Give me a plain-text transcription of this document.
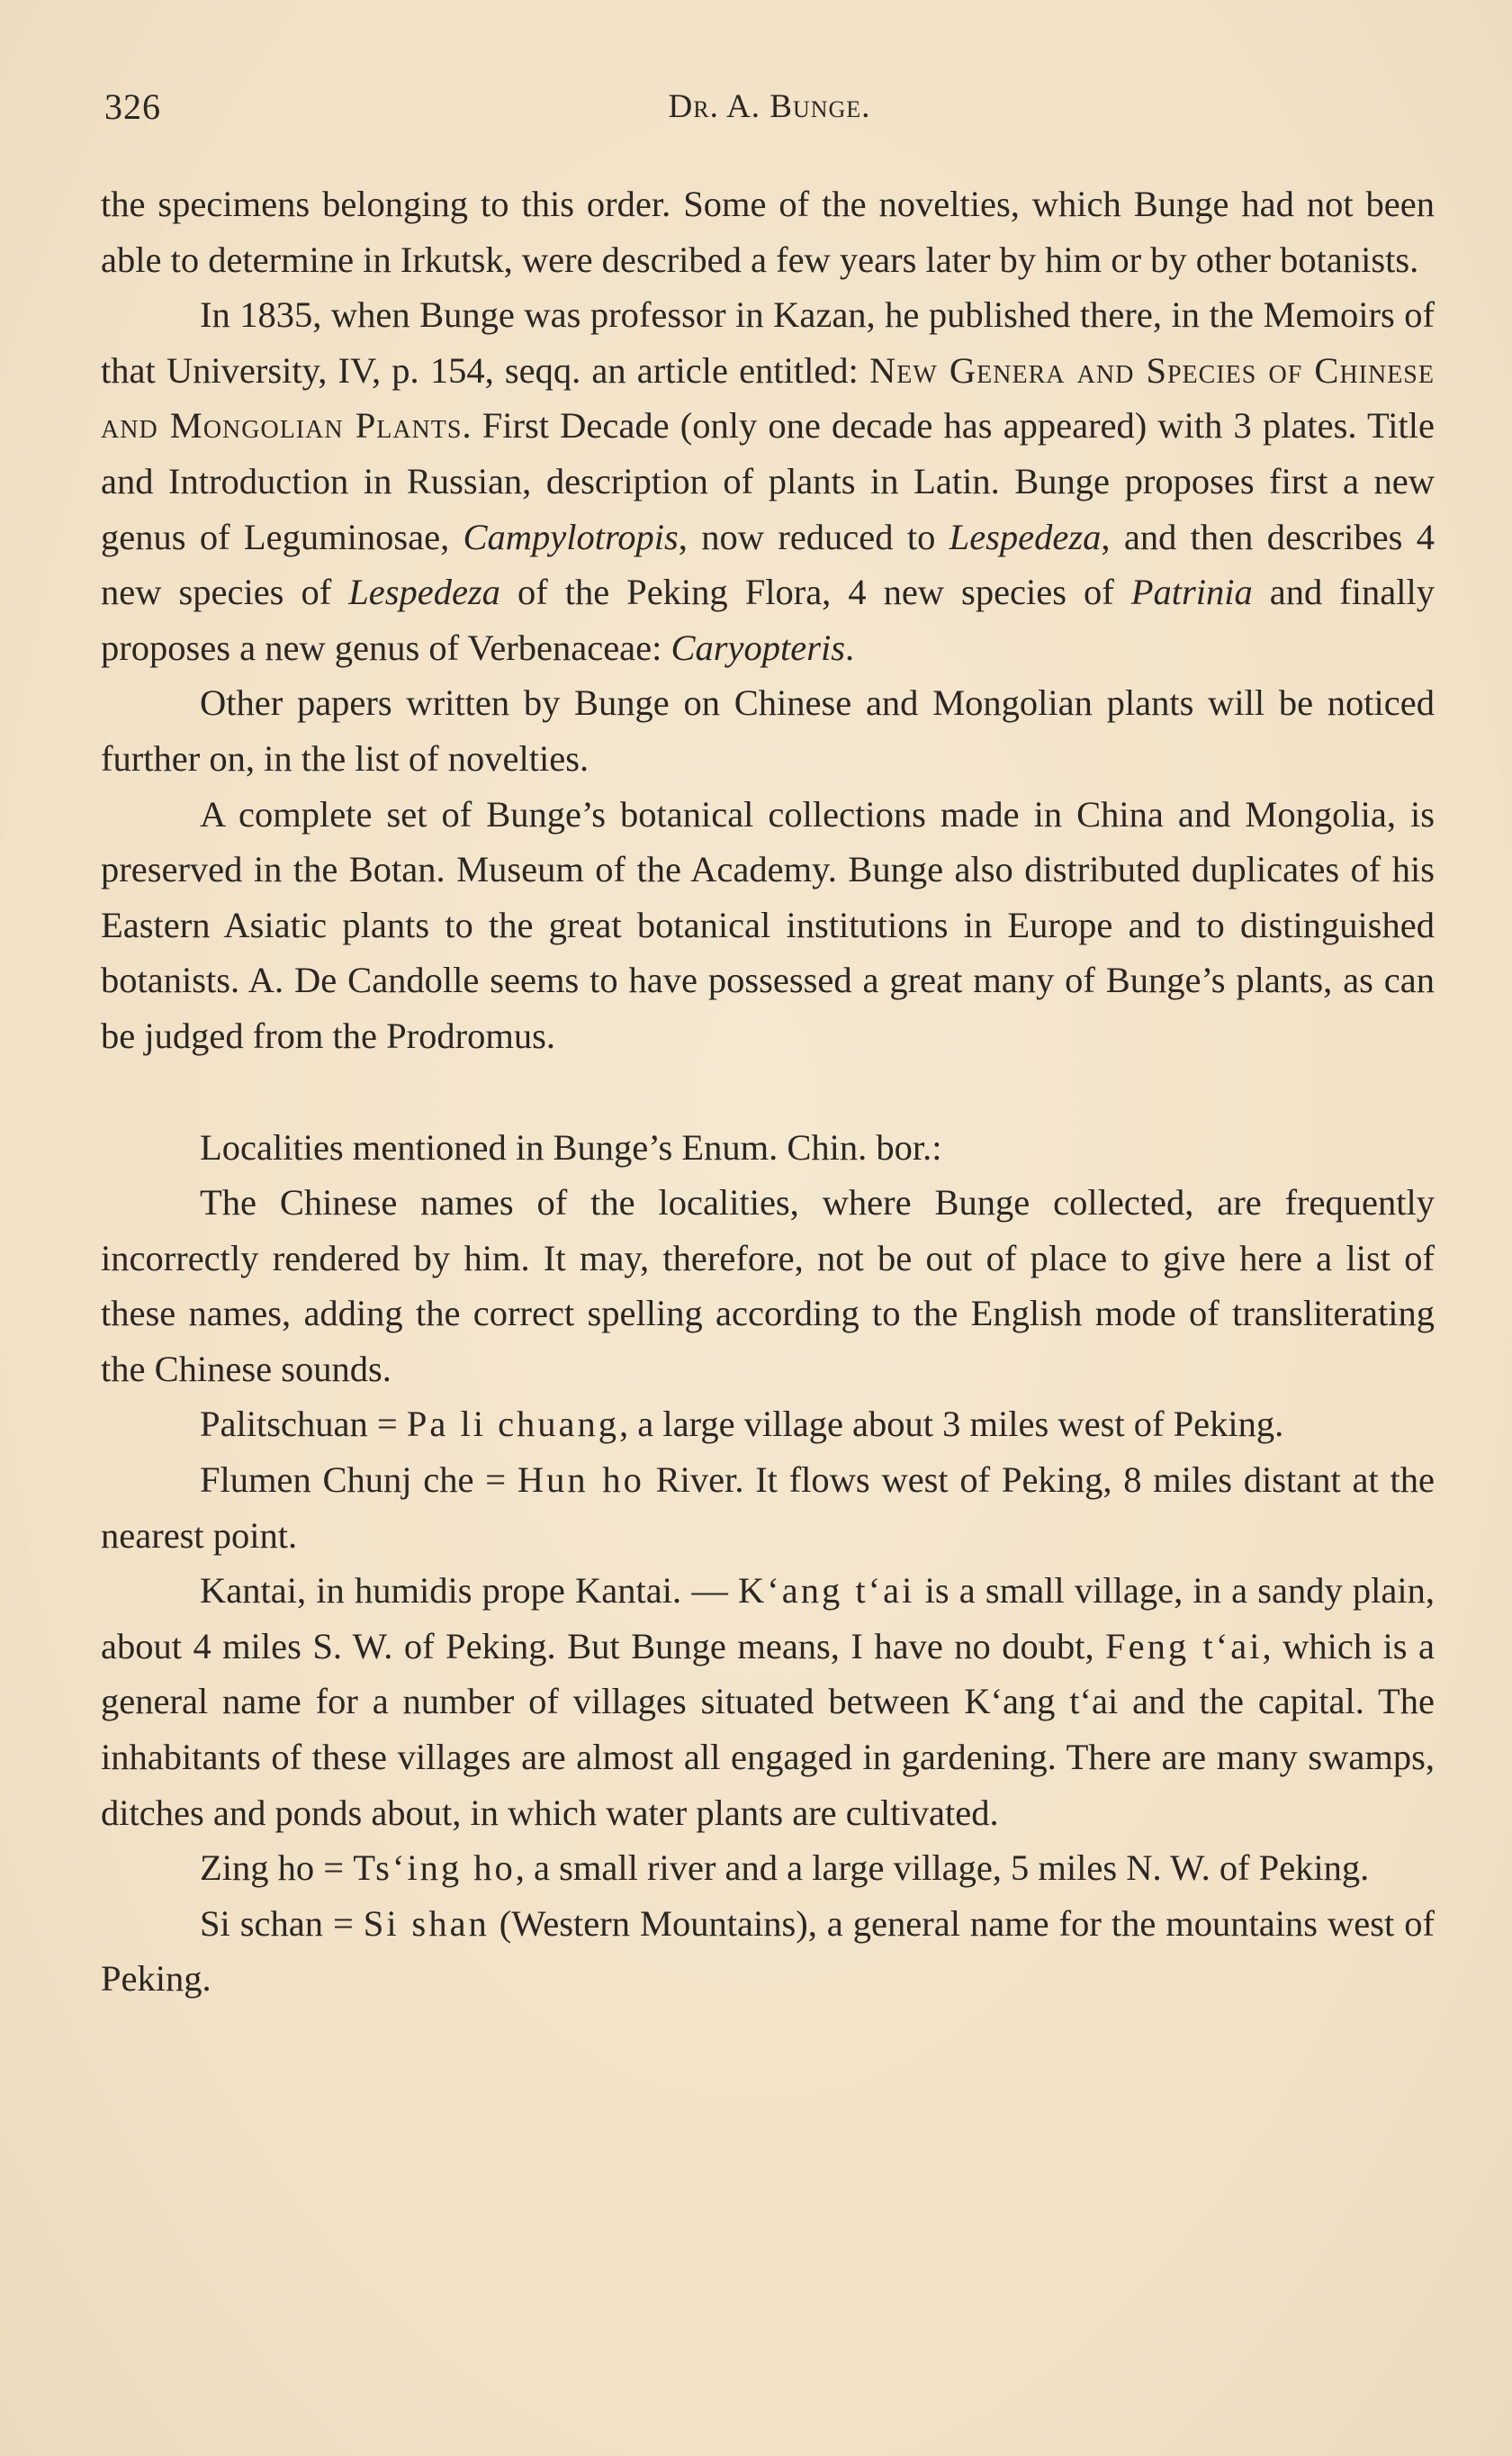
326	Dr. A. Bunge.

the specimens belonging to this order. Some of the novelties, which Bunge had not been able to determine in Irkutsk, were described a few years later by him or by other botanists.

In 1835, when Bunge was professor in Kazan, he published there, in the Memoirs of that University, IV, p. 154, seqq. an article entitled: New Genera and Species of Chinese and Mongolian Plants. First Decade (only one decade has appeared) with 3 plates. Title and Introduction in Russian, description of plants in Latin. Bunge proposes first a new genus of Leguminosae, Campylotropis, now reduced to Lespedeza, and then describes 4 new species of Lespedeza of the Peking Flora, 4 new species of Patrinia and finally proposes a new genus of Verbenaceae: Caryopteris.

Other papers written by Bunge on Chinese and Mongolian plants will be noticed further on, in the list of novelties.

A complete set of Bunge’s botanical collections made in China and Mongolia, is preserved in the Botan. Museum of the Academy. Bunge also distributed duplicates of his Eastern Asiatic plants to the great botanical institutions in Europe and to distinguished botanists. A. De Candolle seems to have possessed a great many of Bunge’s plants, as can be judged from the Prodromus.

Localities mentioned in Bunge’s Enum. Chin. bor.:

The Chinese names of the localities, where Bunge collected, are frequently incorrectly rendered by him. It may, therefore, not be out of place to give here a list of these names, adding the correct spelling according to the English mode of transliterating the Chinese sounds.

Palitschuan = Pa li chuang, a large village about 3 miles west of Peking.

Flumen Chunj che = Hun ho River. It flows west of Peking, 8 miles distant at the nearest point.

Kantai, in humidis prope Kantai. — Kʻang tʻai is a small village, in a sandy plain, about 4 miles S. W. of Peking. But Bunge means, I have no doubt, Feng tʻai, which is a general name for a number of villages situated between Kʻang tʻai and the capital. The inhabitants of these villages are almost all engaged in gardening. There are many swamps, ditches and ponds about, in which water plants are cultivated.

Zing ho = Tsʻing ho, a small river and a large village, 5 miles N. W. of Peking.

Si schan = Si shan (Western Mountains), a general name for the mountains west of Peking.
